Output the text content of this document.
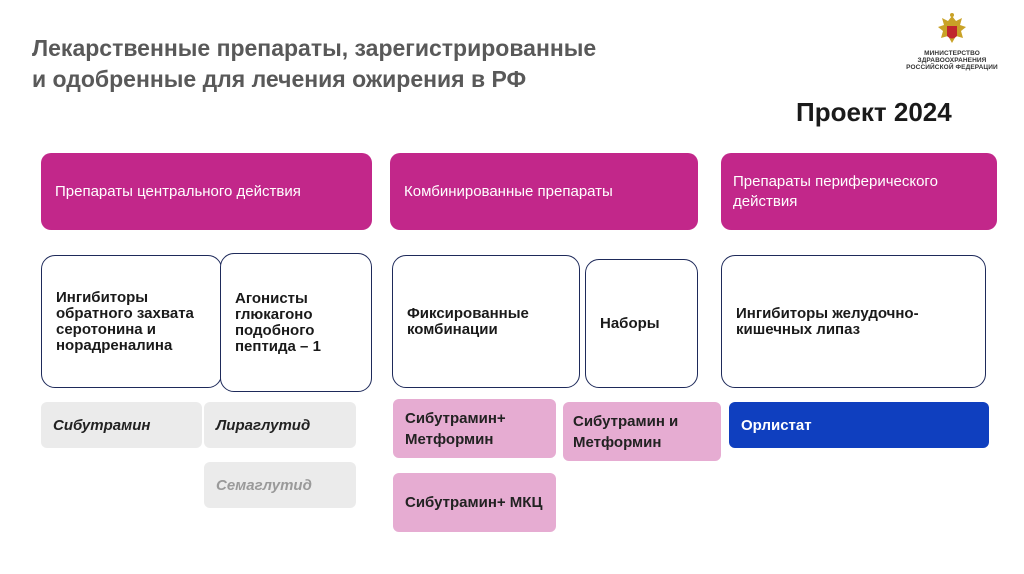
Лекарственные препараты, зарегистрированные
и одобренные для лечения ожирения в РФ
МИНИСТЕРСТВО
ЗДРАВООХРАНЕНИЯ
РОССИЙСКОЙ ФЕДЕРАЦИИ
Проект 2024
Препараты центрального действия	Комбинированные препараты
Препараты периферического действия
Ингибиторы обратного захвата серотонина и норадреналина
Агонисты глюкагоно подобного пептида – 1
Фиксированные комбинации	Наборы
Ингибиторы желудочно-кишечных липаз
Сибутрамин	Лираглутид
Семаглутид
Сибутрамин+ Метформин
Сибутрамин+ МКЦ
Сибутрамин и Метформин
Орлистат
